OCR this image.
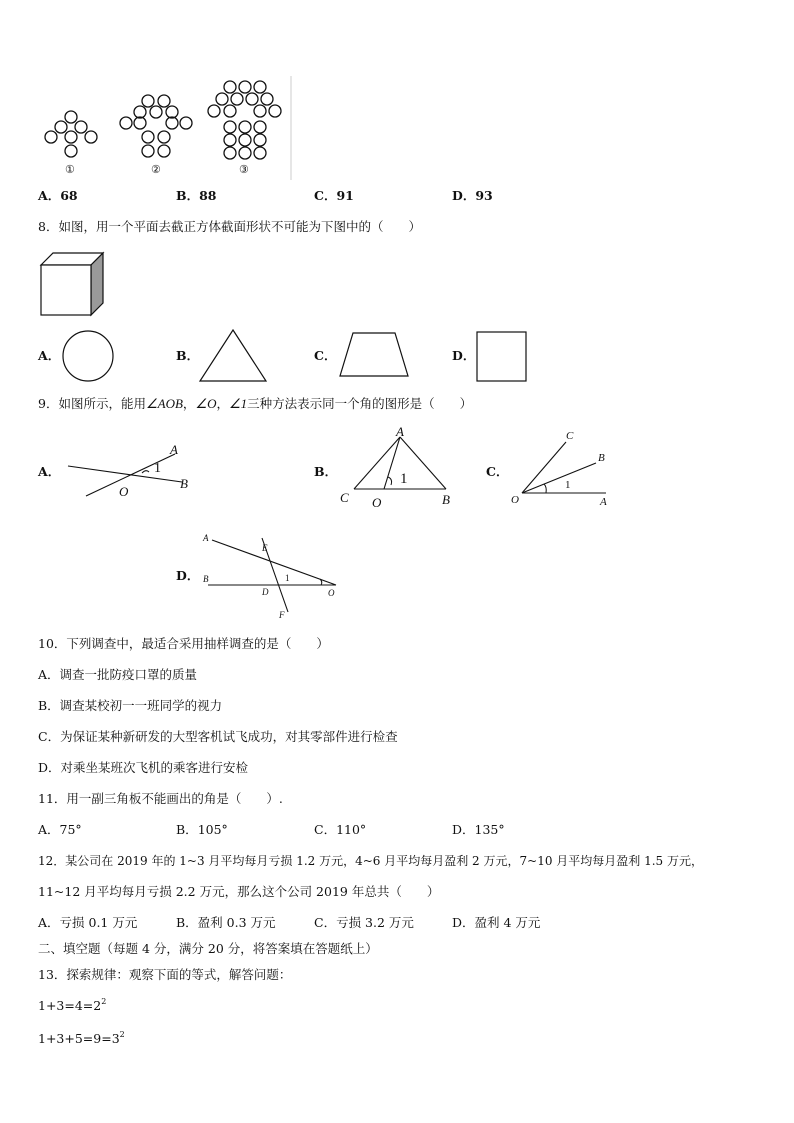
①	②	③
A．68	B．88	C．91	D．93
8．如图，用一个平面去截正方体截面形状不可能为下图中的（　　）
A．	B．	C．	D．
9．如图所示，能用∠AOB，∠O，∠1三种方法表示同一个角的图形是（　　）
A．
A
1
O
B
B．
A
1
C O	B
C．
C
B
1
O	A
D．
A
E
B	1
D	O
F
10．下列调查中，最适合采用抽样调查的是（　　）
A．调查一批防疫口罩的质量
B．调查某校初一一班同学的视力
C．为保证某种新研发的大型客机试飞成功，对其零部件进行检查
D．对乘坐某班次飞机的乘客进行安检
11．用一副三角板不能画出的角是（　　）.
A．75°	B．105°	C．110°	D．135°
12．某公司在 2019 年的 1~3 月平均每月亏损 1.2 万元，4~6 月平均每月盈利 2 万元，7~10 月平均每月盈利 1.5 万元，
11~12 月平均每月亏损 2.2 万元，那么这个公司 2019 年总共（　　）
A．亏损 0.1 万元	B．盈利 0.3 万元	C．亏损 3.2 万元	D．盈利 4 万元
二、填空题（每题 4 分，满分 20 分，将答案填在答题纸上）
13．探索规律：观察下面的等式，解答问题：
$1+3=4=2^2$
$1+3+5=9=3^2$
